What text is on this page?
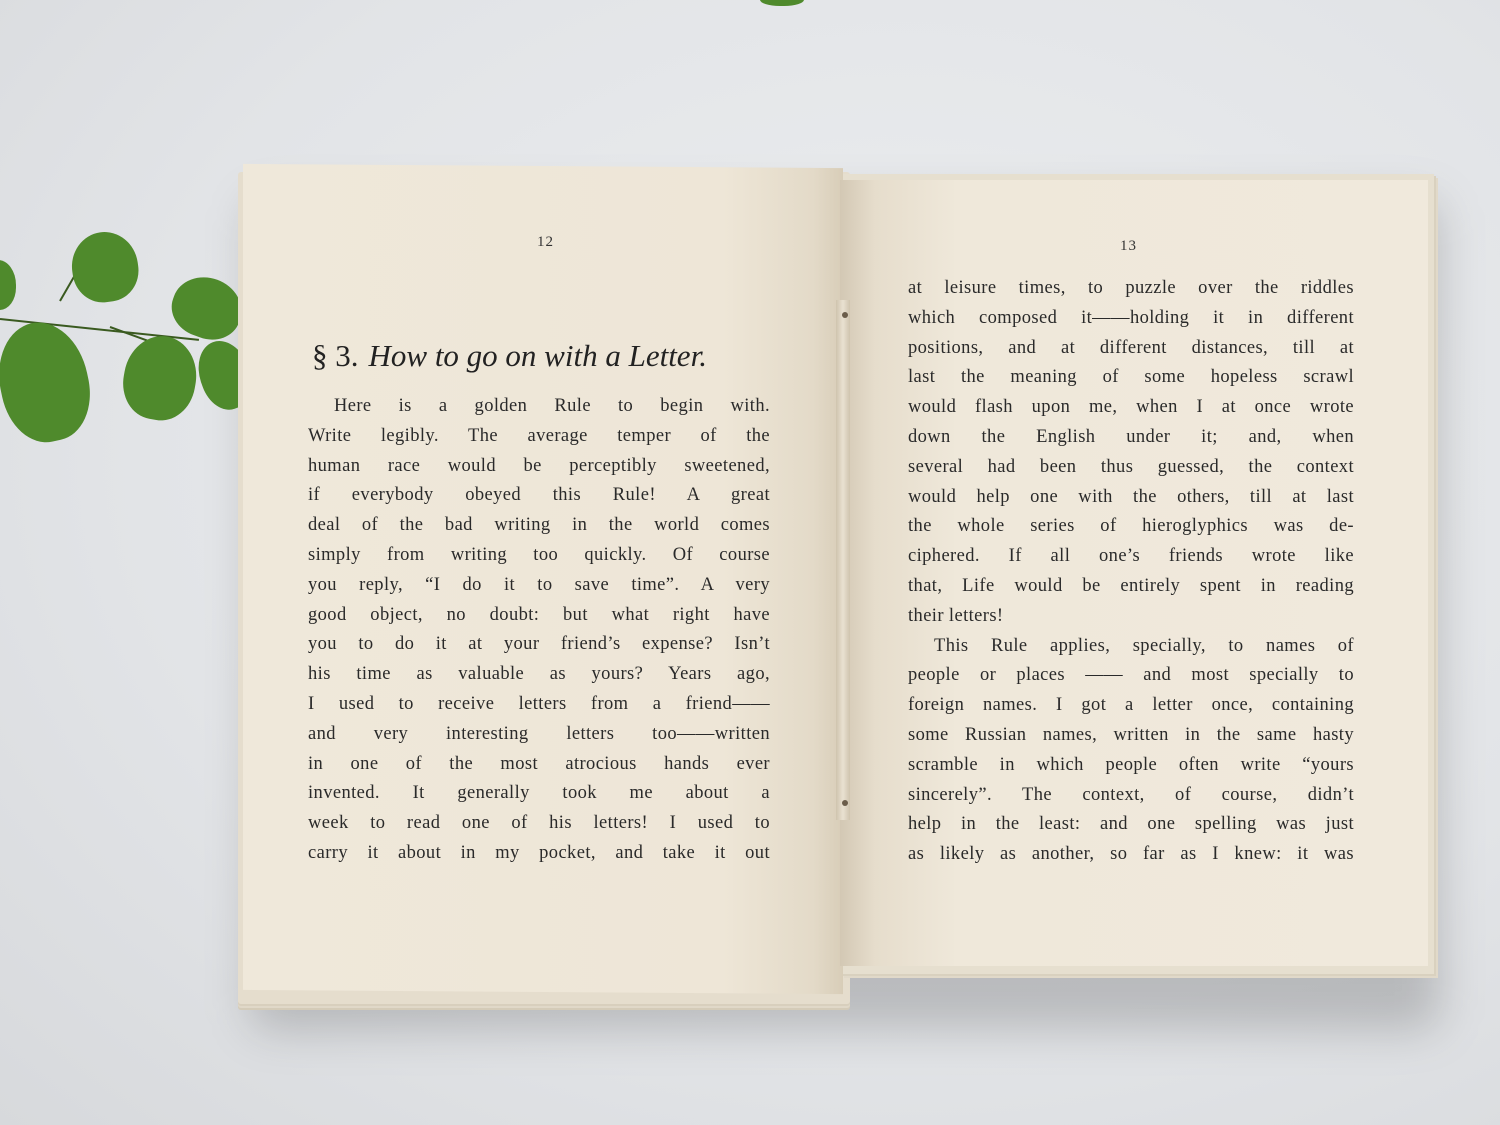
12
§ 3. How to go on with a Letter.
Here is a golden Rule to begin with.
Write legibly. The average temper of the
human race would be perceptibly sweetened,
if everybody obeyed this Rule! A great
deal of the bad writing in the world comes
simply from writing too quickly. Of course
you reply, “I do it to save time”. A very
good object, no doubt: but what right have
you to do it at your friend’s expense? Isn’t
his time as valuable as yours? Years ago,
I used to receive letters from a friend——
and very interesting letters too——written
in one of the most atrocious hands ever
invented. It generally took me about a
week to read one of his letters! I used to
carry it about in my pocket, and take it out
13
at leisure times, to puzzle over the riddles
which composed it——holding it in different
positions, and at different distances, till at
last the meaning of some hopeless scrawl
would flash upon me, when I at once wrote
down the English under it; and, when
several had been thus guessed, the context
would help one with the others, till at last
the whole series of hieroglyphics was de-
ciphered. If all one’s friends wrote like
that, Life would be entirely spent in reading
their letters!
This Rule applies, specially, to names of
people or places —— and most specially to
foreign names. I got a letter once, containing
some Russian names, written in the same hasty
scramble in which people often write “yours
sincerely”. The context, of course, didn’t
help in the least: and one spelling was just
as likely as another, so far as I knew: it was
